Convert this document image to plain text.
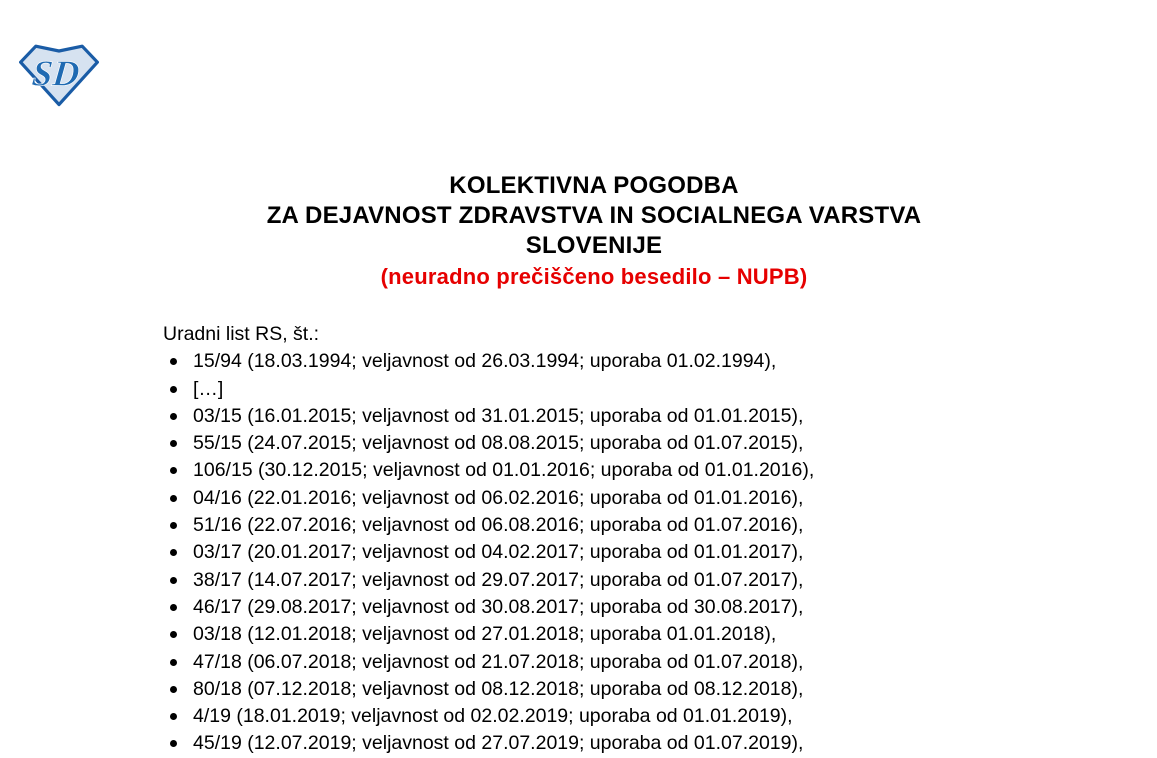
SD
KOLEKTIVNA POGODBA
ZA DEJAVNOST ZDRAVSTVA IN SOCIALNEGA VARSTVA
SLOVENIJE
(neuradno prečiščeno besedilo – NUPB)
Uradni list RS, št.:
15/94 (18.03.1994; veljavnost od 26.03.1994; uporaba 01.02.1994),
[…]
03/15 (16.01.2015; veljavnost od 31.01.2015; uporaba od 01.01.2015),
55/15 (24.07.2015; veljavnost od 08.08.2015; uporaba od 01.07.2015),
106/15 (30.12.2015; veljavnost od 01.01.2016; uporaba od 01.01.2016),
04/16 (22.01.2016; veljavnost od 06.02.2016; uporaba od 01.01.2016),
51/16 (22.07.2016; veljavnost od 06.08.2016; uporaba od 01.07.2016),
03/17 (20.01.2017; veljavnost od 04.02.2017; uporaba od 01.01.2017),
38/17 (14.07.2017; veljavnost od 29.07.2017; uporaba od 01.07.2017),
46/17 (29.08.2017; veljavnost od 30.08.2017; uporaba od 30.08.2017),
03/18 (12.01.2018; veljavnost od 27.01.2018; uporaba 01.01.2018),
47/18 (06.07.2018; veljavnost od 21.07.2018; uporaba od 01.07.2018),
80/18 (07.12.2018; veljavnost od 08.12.2018; uporaba od 08.12.2018),
4/19 (18.01.2019; veljavnost od 02.02.2019; uporaba od 01.01.2019),
45/19 (12.07.2019; veljavnost od 27.07.2019; uporaba od 01.07.2019),
